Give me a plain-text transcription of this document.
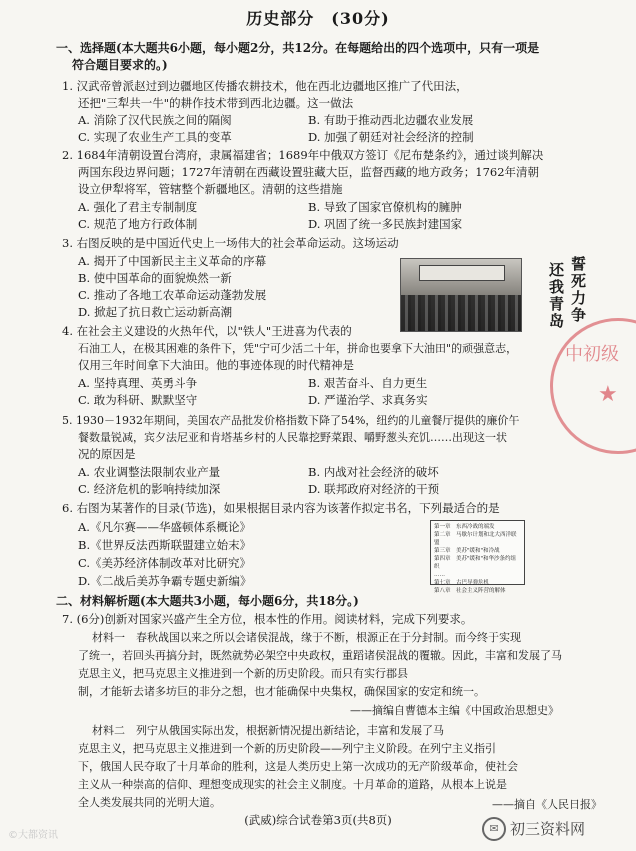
历史部分　(30分)
一、选择题(本大题共6小题，每小题2分，共12分。在每题给出的四个选项中，只有一项是
符合题目要求的。)
1. 汉武帝曾派赵过到边疆地区传播农耕技术，他在西北边疆地区推广了代田法，
还把"三犁共一牛"的耕作技术带到西北边疆。这一做法
A. 消除了汉代民族之间的隔阂	B. 有助于推动西北边疆农业发展
C. 实现了农业生产工具的变革	D. 加强了朝廷对社会经济的控制
2. 1684年清朝设置台湾府，隶属福建省；1689年中俄双方签订《尼布楚条约》，通过谈判解决
两国东段边界问题；1727年清朝在西藏设置驻藏大臣，监督西藏的地方政务；1762年清朝
设立伊犁将军，管辖整个新疆地区。清朝的这些措施
A. 强化了君主专制制度	B. 导致了国家官僚机构的臃肿
C. 规范了地方行政体制	D. 巩固了统一多民族封建国家
3. 右图反映的是中国近代史上一场伟大的社会革命运动。这场运动
A. 揭开了中国新民主主义革命的序幕
B. 使中国革命的面貌焕然一新
C. 推动了各地工农革命运动蓬勃发展
D. 掀起了抗日救亡运动新高潮	誓死力争
还我青岛
4. 在社会主义建设的火热年代，以"铁人"王进喜为代表的
石油工人，在极其困难的条件下，凭"宁可少活二十年，拼命也要拿下大油田"的顽强意志，
仅用三年时间拿下大油田。他的事迹体现的时代精神是
A. 坚持真理、英勇斗争	B. 艰苦奋斗、自力更生
C. 敢为科研、默默坚守	D. 严谨治学、求真务实
中初级
★
5. 1930－1932年期间，美国农产品批发价格指数下降了54%，纽约的儿童餐厅提供的廉价午
餐数量锐减，宾夕法尼亚和肯塔基乡村的人民靠挖野菜跟、嚼野葱头充饥……出现这一状
况的原因是
A. 农业调整法限制农业产量	B. 内战对社会经济的破坏
C. 经济危机的影响持续加深	D. 联邦政府对经济的干预
6. 右图为某著作的目录(节选)，如果根据目录内容为该著作拟定书名，下列最适合的是
A.《凡尔赛——华盛顿体系概论》
B.《世界反法西斯联盟建立始末》
C.《美苏经济体制改革对比研究》
D.《二战后美苏争霸专题史新编》
第一章　东西冷战的端发
第二章　马歇尔计划和北大西洋联盟
第三章　美苏"缓和"和冷战
第四章　美苏"缓和"和华沙条约组织
……
第七章　古巴导弹危机
第八章　社会主义阵营的解体
二、材料解析题(本大题共3小题，每小题6分，共18分。)
7. (6分)创新对国家兴盛产生全方位，根本性的作用。阅读材料，完成下列要求。
材料一　春秋战国以来之所以会诸侯混战，缘于不断，根源正在于分封制。而今终于实现
了统一，若回头再搞分封，既然就势必架空中央政权，重蹈诸侯混战的覆辙。因此，丰富和发展了马
克思主义，把马克思主义推进到一个新的历史阶段。而只有实行郡县
制，才能斩去诸多坊巨的非分之想，也才能确保中央集权，确保国家的安定和统一。
——摘编自曹德本主编《中国政治思想史》
材料二　列宁从俄国实际出发，根据新情况提出新结论，丰富和发展了马
克思主义，把马克思主义推进到一个新的历史阶段——列宁主义阶段。在列宁主义指引
下，俄国人民夺取了十月革命的胜利，这是人类历史上第一次成功的无产阶级革命，使社会
主义从一种崇高的信仰、理想变成现实的社会主义制度。十月革命的道路，从根本上说是
全人类发展共同的光明大道。	——摘自《人民日报》
(武威)综合试卷第3页(共8页)
©大都资讯
✉ 初三资料网
